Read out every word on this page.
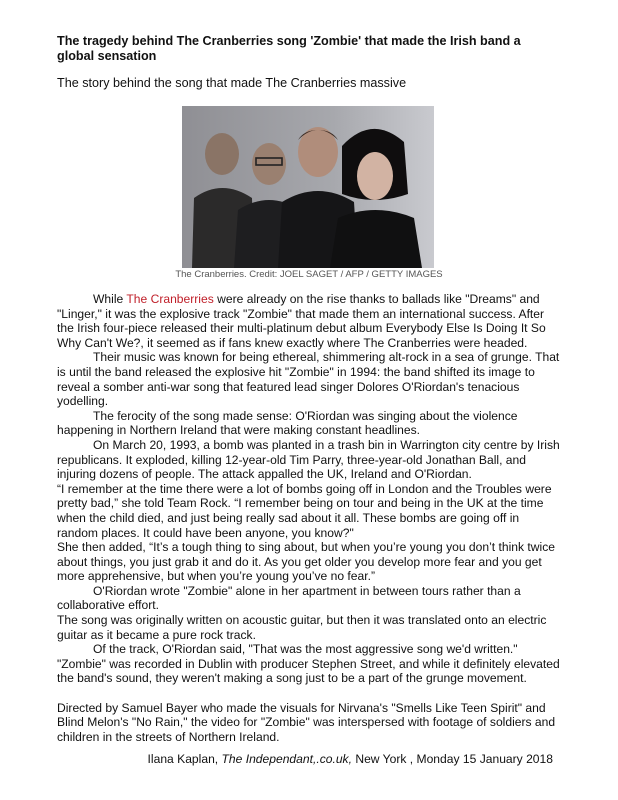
The tragedy behind The Cranberries song 'Zombie' that made the Irish band a global sensation

The story behind the song that made The Cranberries massive

The Cranberries. Credit: JOEL SAGET / AFP / GETTY IMAGES

While The Cranberries were already on the rise thanks to ballads like "Dreams" and "Linger," it was the explosive track "Zombie" that made them an international success. After the Irish four-piece released their multi-platinum debut album Everybody Else Is Doing It So Why Can't We?, it seemed as if fans knew exactly where The Cranberries were headed.

Their music was known for being ethereal, shimmering alt-rock in a sea of grunge. That is until the band released the explosive hit "Zombie" in 1994: the band shifted its image to reveal a somber anti-war song that featured lead singer Dolores O'Riordan's tenacious yodelling.

The ferocity of the song made sense: O'Riordan was singing about the violence happening in Northern Ireland that were making constant headlines.

On March 20, 1993, a bomb was planted in a trash bin in Warrington city centre by Irish republicans. It exploded, killing 12-year-old Tim Parry, three-year-old Jonathan Ball, and injuring dozens of people. The attack appalled the UK, Ireland and O'Riordan.

“I remember at the time there were a lot of bombs going off in London and the Troubles were pretty bad,” she told Team Rock. “I remember being on tour and being in the UK at the time when the child died, and just being really sad about it all. These bombs are going off in random places. It could have been anyone, you know?"

She then added, “It’s a tough thing to sing about, but when you’re young you don’t think twice about things, you just grab it and do it. As you get older you develop more fear and you get more apprehensive, but when you’re young you’ve no fear.”

O'Riordan wrote "Zombie" alone in her apartment in between tours rather than a collaborative effort.

The song was originally written on acoustic guitar, but then it was translated onto an electric guitar as it became a pure rock track.

Of the track, O'Riordan said, "That was the most aggressive song we'd written."

"Zombie" was recorded in Dublin with producer Stephen Street, and while it definitely elevated the band's sound, they weren't making a song just to be a part of the grunge movement.

Directed by Samuel Bayer who made the visuals for Nirvana's "Smells Like Teen Spirit" and Blind Melon's "No Rain," the video for "Zombie" was interspersed with footage of soldiers and children in the streets of Northern Ireland.

Ilana Kaplan, The Independant,.co.uk, New York , Monday 15 January 2018
